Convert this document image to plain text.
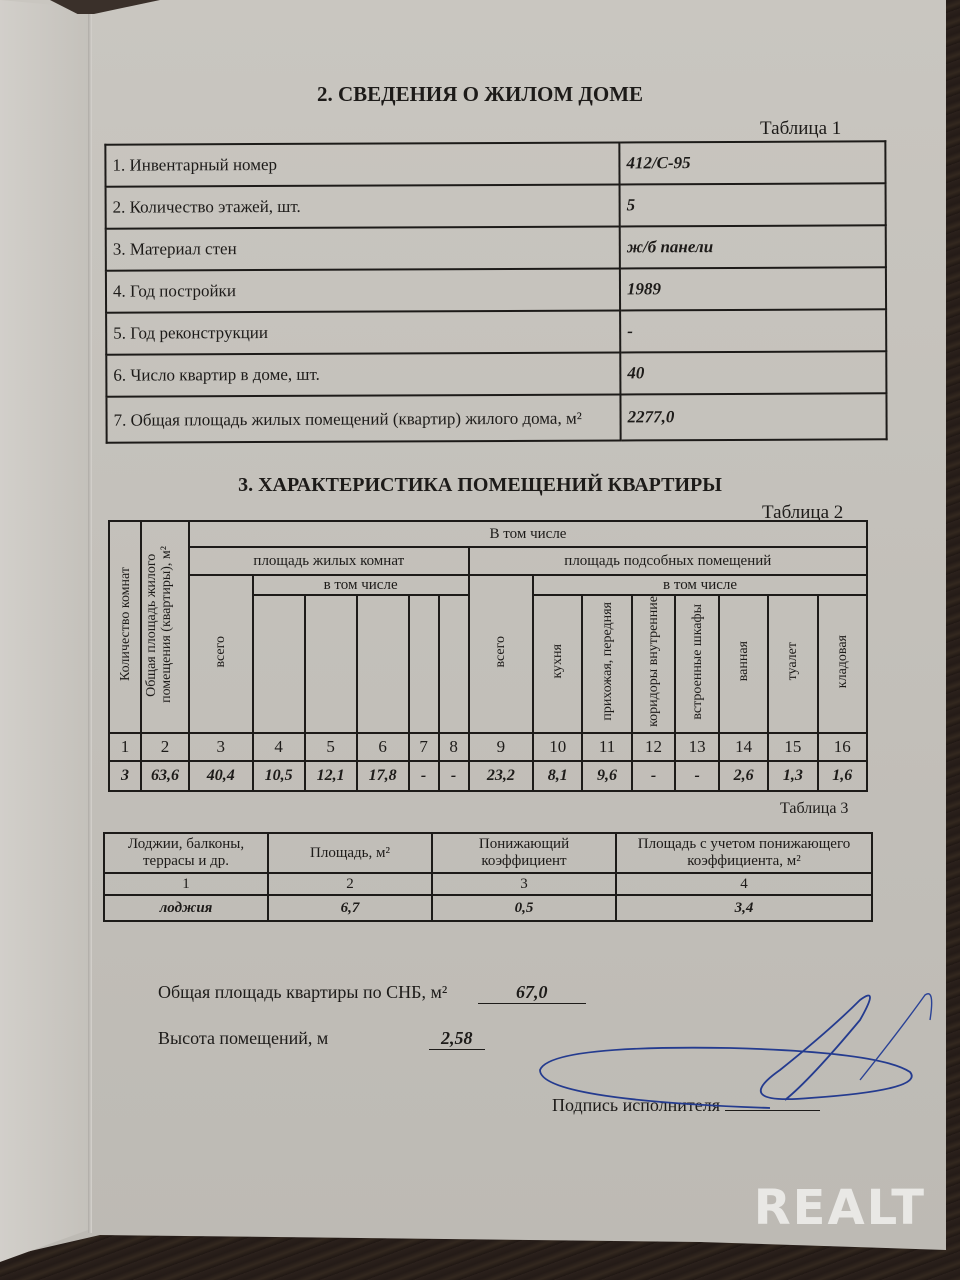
2. СВЕДЕНИЯ О ЖИЛОМ ДОМЕ
Таблица 1
1. Инвентарный номер	412/С-95
2. Количество этажей, шт.	5
3. Материал стен	ж/б панели
4. Год постройки	1989
5. Год реконструкции	-
6. Число квартир в доме, шт.	40
7. Общая площадь жилых помещений (квартир) жилого дома, м²	2277,0
3. ХАРАКТЕРИСТИКА ПОМЕЩЕНИЙ КВАРТИРЫ
Таблица 2
Количество комнат	Общая площадь жилого помещения (квартиры), м²	В том числе													
		площадь жилых комнат						площадь подсобных помещений							
		всего	в том числе					всего	в том числе						
									кухня	прихожая, передняя	коридоры внутренние	встроенные шкафы	ванная	туалет	кладовая
1	2	3	4	5	6	7	8	9	10	11	12	13	14	15	16
3	63,6	40,4	10,5	12,1	17,8	-	-	23,2	8,1	9,6	-	-	2,6	1,3	1,6
Таблица 3
Лоджии, балконы, террасы и др.	Площадь, м²	Понижающий коэффициент	Площадь с учетом понижающего коэффициента, м²
1	2	3	4
лоджия	6,7	0,5	3,4
Общая площадь квартиры по СНБ, м²	67,0
Высота помещений, м	2,58
Подпись исполнителя
REALT
